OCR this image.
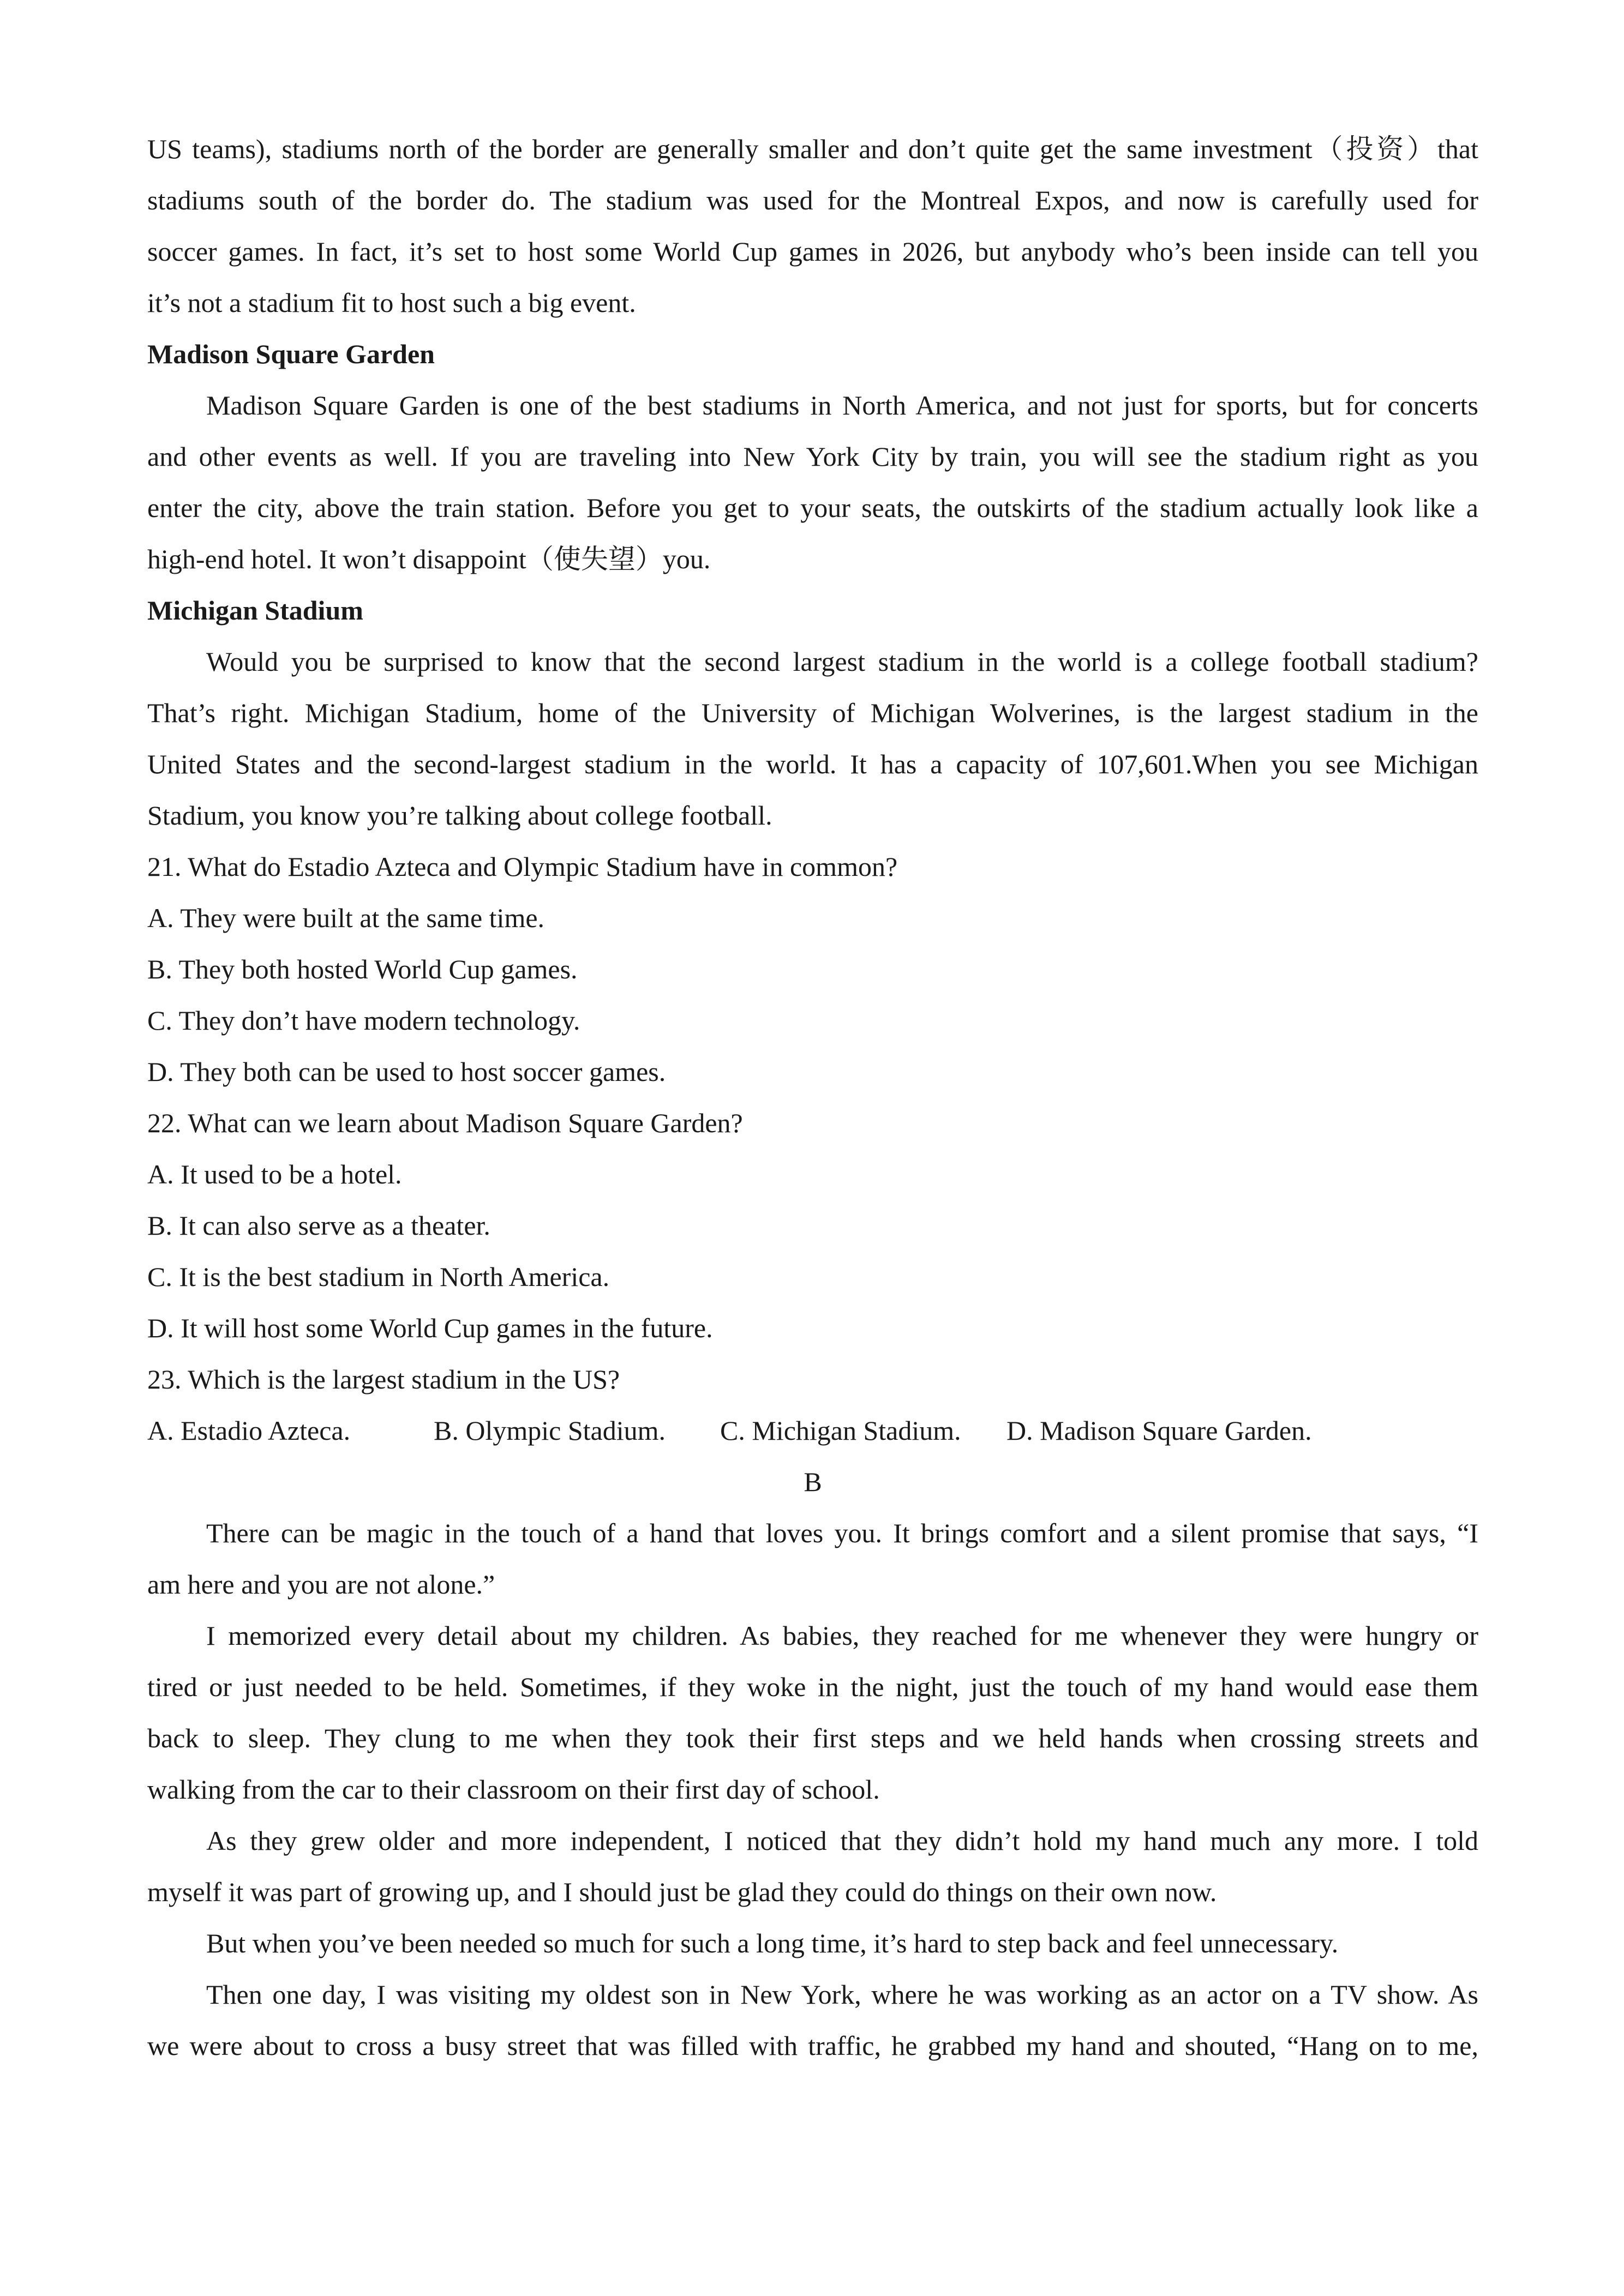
US teams), stadiums north of the border are generally smaller and don’t quite get the same investment（投资）that
stadiums south of the border do. The stadium was used for the Montreal Expos, and now is carefully used for
soccer games. In fact, it’s set to host some World Cup games in 2026, but anybody who’s been inside can tell you
it’s not a stadium fit to host such a big event.
Madison Square Garden
Madison Square Garden is one of the best stadiums in North America, and not just for sports, but for concerts
and other events as well. If you are traveling into New York City by train, you will see the stadium right as you
enter the city, above the train station. Before you get to your seats, the outskirts of the stadium actually look like a
high-end hotel. It won’t disappoint（使失望）you.
Michigan Stadium
Would you be surprised to know that the second largest stadium in the world is a college football stadium?
That’s right. Michigan Stadium, home of the University of Michigan Wolverines, is the largest stadium in the
United States and the second-largest stadium in the world. It has a capacity of 107,601.When you see Michigan
Stadium, you know you’re talking about college football.
21. What do Estadio Azteca and Olympic Stadium have in common?
A. They were built at the same time.
B. They both hosted World Cup games.
C. They don’t have modern technology.
D. They both can be used to host soccer games.
22. What can we learn about Madison Square Garden?
A. It used to be a hotel.
B. It can also serve as a theater.
C. It is the best stadium in North America.
D. It will host some World Cup games in the future.
23. Which is the largest stadium in the US?
A. Estadio Azteca.	B. Olympic Stadium.	C. Michigan Stadium.	D. Madison Square Garden.
B
There can be magic in the touch of a hand that loves you. It brings comfort and a silent promise that says, “I
am here and you are not alone.”
I memorized every detail about my children. As babies, they reached for me whenever they were hungry or
tired or just needed to be held. Sometimes, if they woke in the night, just the touch of my hand would ease them
back to sleep. They clung to me when they took their first steps and we held hands when crossing streets and
walking from the car to their classroom on their first day of school.
As they grew older and more independent, I noticed that they didn’t hold my hand much any more. I told
myself it was part of growing up, and I should just be glad they could do things on their own now.
But when you’ve been needed so much for such a long time, it’s hard to step back and feel unnecessary.
Then one day, I was visiting my oldest son in New York, where he was working as an actor on a TV show. As
we were about to cross a busy street that was filled with traffic, he grabbed my hand and shouted, “Hang on to me,
